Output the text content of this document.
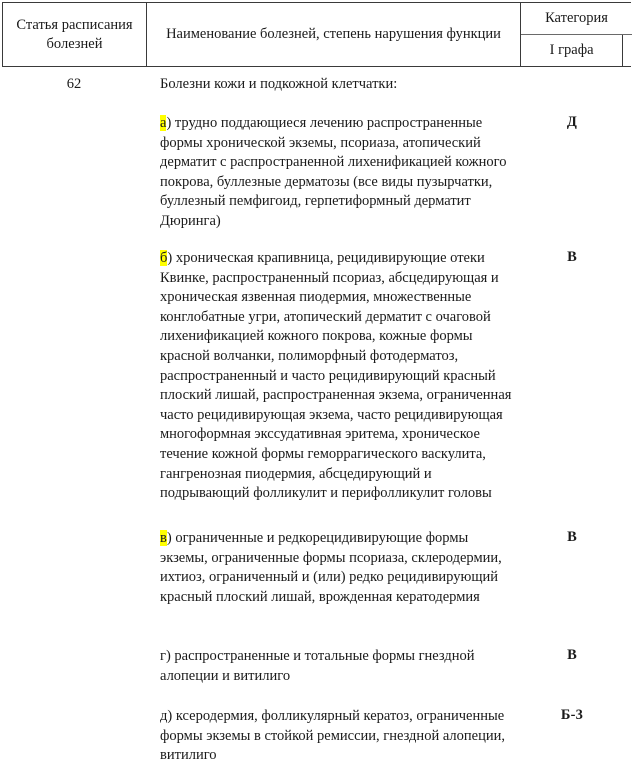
Статья расписания болезней
Наименование болезней, степень нарушения функции
Категория
I графа
62	Болезни кожи и подкожной клетчатки:

а) трудно поддающиеся лечению распространенные формы хронической экземы, псориаза, атопический дерматит с распространенной лихенификацией кожного покрова, буллезные дерматозы (все виды пузырчатки, буллезный пемфигоид, герпетиформный дерматит Дюринга)

б) хроническая крапивница, рецидивирующие отеки Квинке, распространенный псориаз, абсцедирующая и хроническая язвенная пиодермия, множественные конглобатные угри, атопический дерматит с очаговой лихенификацией кожного покрова, кожные формы красной волчанки, полиморфный фотодерматоз, распространенный и часто рецидивирующий красный плоский лишай, распространенная экзема, ограниченная часто рецидивирующая экзема, часто рецидивирующая многоформная экссудативная эритема, хроническое течение кожной формы геморрагического васкулита, гангренозная пиодермия, абсцедирующий и подрывающий фолликулит и перифолликулит головы

в) ограниченные и редкорецидивирующие формы экземы, ограниченные формы псориаза, склеродермии, ихтиоз, ограниченный и (или) редко рецидивирующий красный плоский лишай, врожденная кератодермия

г) распространенные и тотальные формы гнездной алопеции и витилиго

д) ксеродермия, фолликулярный кератоз, ограниченные формы экземы в стойкой ремиссии, гнездной алопеции, витилиго

Д
В
В
В
Б-3
